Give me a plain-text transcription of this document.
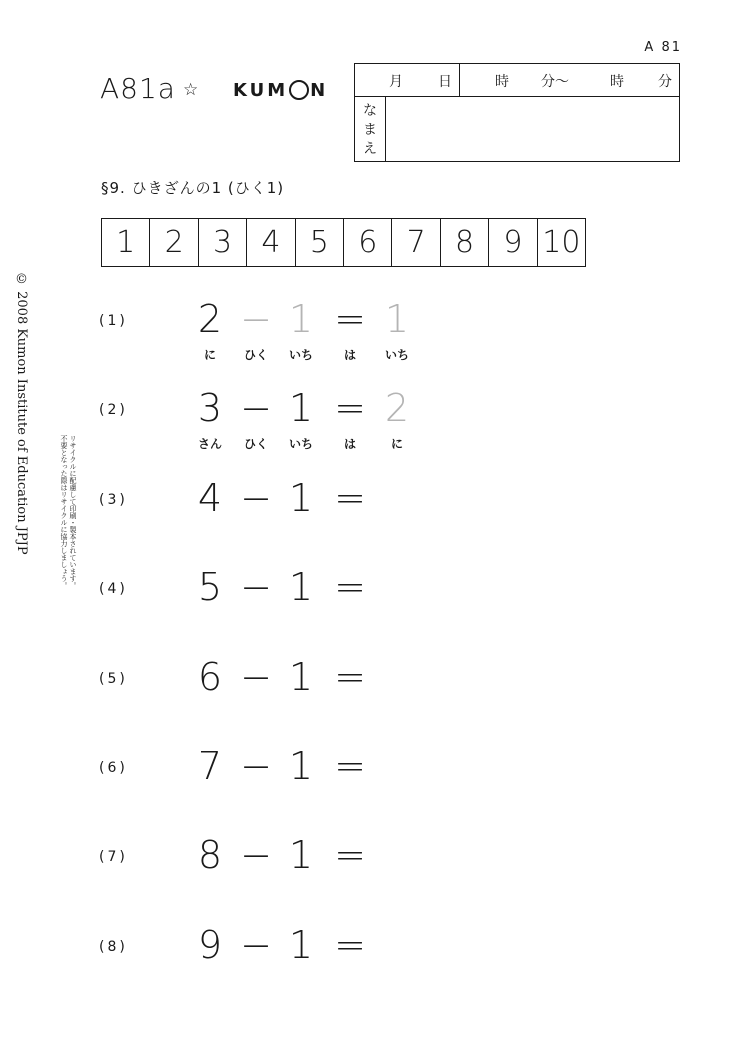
A 81
A81a ☆ KUM N	月	日	時 分〜	時 分
なまえ
§9. ひきざんの1 (ひく1)
1 2 3 4 5 6 7 8 9 10
© 2008 Kumon Institute of Education JPJP	リサイクルに配慮して印刷・製本されています。
不要となった際はリサイクルに協力しましょう。
(1) 2 − 1 = 1
に ひく いち	は いち
(2) 3 − 1 = 2
さん ひく いち	は	に
(3) 4 − 1 =
(4) 5 − 1 =
(5) 6 − 1 =
(6) 7 − 1 =
(7) 8 − 1 =
(8) 9 − 1 =
